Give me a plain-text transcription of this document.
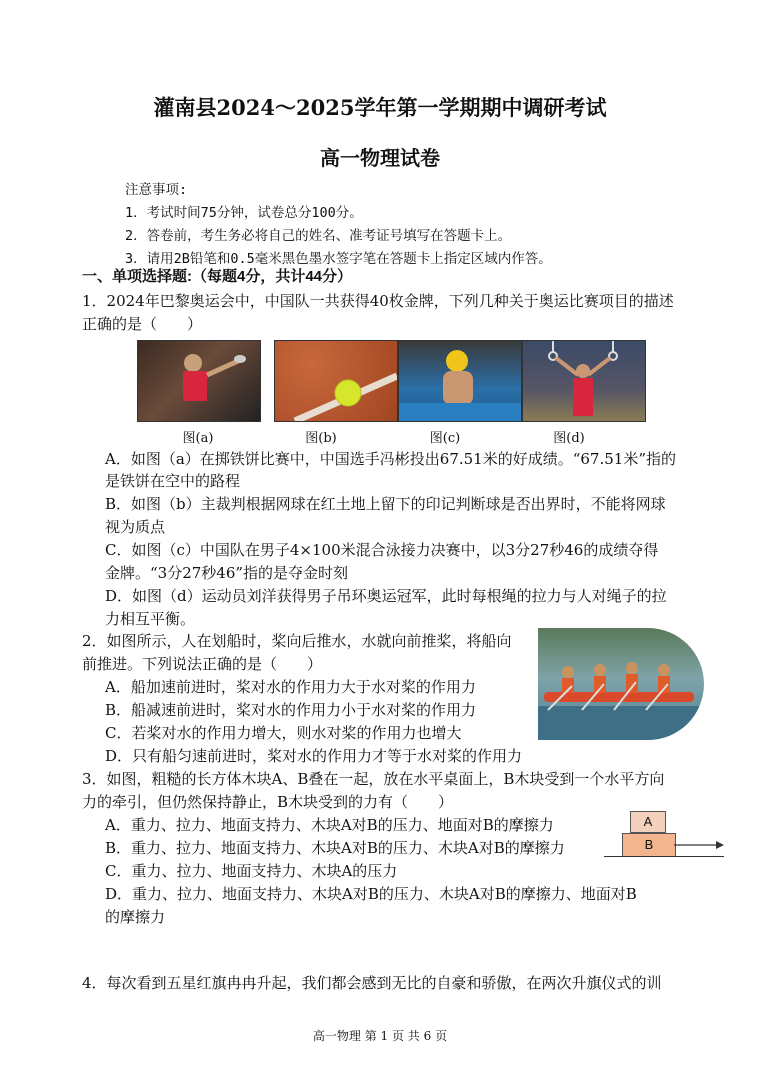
灌南县2024～2025学年第一学期期中调研考试
高一物理试卷
注意事项:
1．考试时间75分钟，试卷总分100分。
2．答卷前，考生务必将自己的姓名、准考证号填写在答题卡上。
3．请用2B铅笔和0.5毫米黑色墨水签字笔在答题卡上指定区域内作答。
一、单项选择题:（每题4分，共计44分）
1．2024年巴黎奥运会中，中国队一共获得40枚金牌，下列几种关于奥运比赛项目的描述
正确的是（　　）
图(a)	图(b)	图(c)	图(d)
A．如图（a）在掷铁饼比赛中，中国选手冯彬投出67.51米的好成绩。“67.51米”指的
是铁饼在空中的路程
B．如图（b）主裁判根据网球在红土地上留下的印记判断球是否出界时，不能将网球
视为质点
C．如图（c）中国队在男子4×100米混合泳接力决赛中，以3分27秒46的成绩夺得
金牌。“3分27秒46”指的是夺金时刻
D．如图（d）运动员刘洋获得男子吊环奥运冠军，此时每根绳的拉力与人对绳子的拉
力相互平衡。
2．如图所示，人在划船时，桨向后推水，水就向前推桨，将船向
前推进。下列说法正确的是（　　）
A．船加速前进时，桨对水的作用力大于水对桨的作用力
B．船减速前进时，桨对水的作用力小于水对桨的作用力
C．若桨对水的作用力增大，则水对桨的作用力也增大
D．只有船匀速前进时，桨对水的作用力才等于水对桨的作用力
3．如图，粗糙的长方体木块A、B叠在一起，放在水平桌面上，B木块受到一个水平方向
力的牵引，但仍然保持静止，B木块受到的力有（　　）
A．重力、拉力、地面支持力、木块A对B的压力、地面对B的摩擦力
B．重力、拉力、地面支持力、木块A对B的压力、木块A对B的摩擦力
C．重力、拉力、地面支持力、木块A的压力
D．重力、拉力、地面支持力、木块A对B的压力、木块A对B的摩擦力、地面对B
的摩擦力
A
B
4．每次看到五星红旗冉冉升起，我们都会感到无比的自豪和骄傲，在两次升旗仪式的训
高一物理 第 1 页 共 6 页
